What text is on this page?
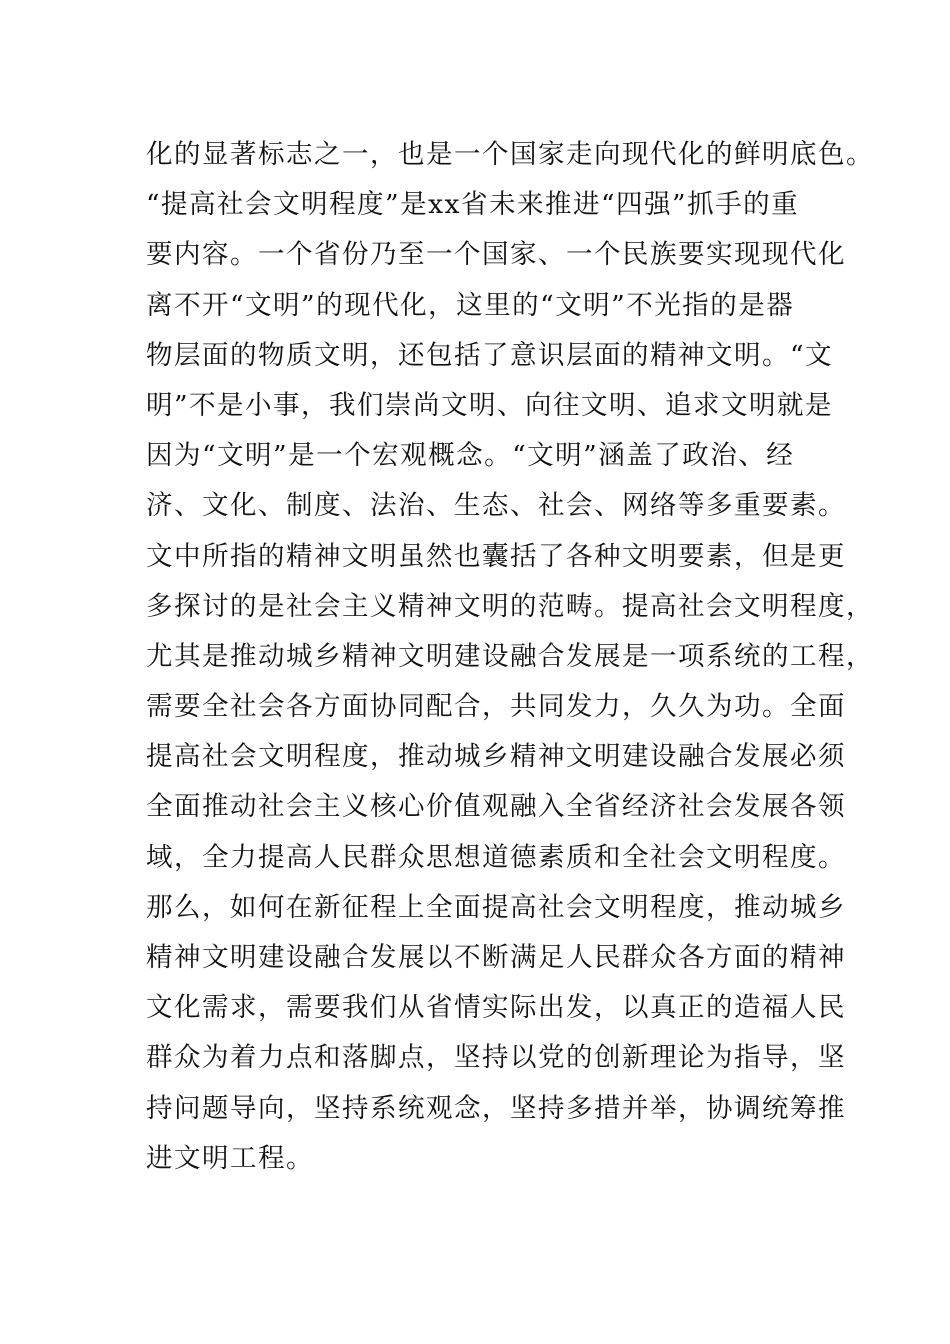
化的显著标志之一，也是一个国家走向现代化的鲜明底色。
“提高社会文明程度”是xx省未来推进“四强”抓手的重
要内容。一个省份乃至一个国家、一个民族要实现现代化
离不开“文明”的现代化，这里的“文明”不光指的是器
物层面的物质文明，还包括了意识层面的精神文明。“文
明”不是小事，我们崇尚文明、向往文明、追求文明就是
因为“文明”是一个宏观概念。“文明”涵盖了政治、经
济、文化、制度、法治、生态、社会、网络等多重要素。
文中所指的精神文明虽然也囊括了各种文明要素，但是更
多探讨的是社会主义精神文明的范畴。提高社会文明程度，
尤其是推动城乡精神文明建设融合发展是一项系统的工程，
需要全社会各方面协同配合，共同发力，久久为功。全面
提高社会文明程度，推动城乡精神文明建设融合发展必须
全面推动社会主义核心价值观融入全省经济社会发展各领
域，全力提高人民群众思想道德素质和全社会文明程度。
那么，如何在新征程上全面提高社会文明程度，推动城乡
精神文明建设融合发展以不断满足人民群众各方面的精神
文化需求，需要我们从省情实际出发，以真正的造福人民
群众为着力点和落脚点，坚持以党的创新理论为指导，坚
持问题导向，坚持系统观念，坚持多措并举，协调统筹推
进文明工程。
